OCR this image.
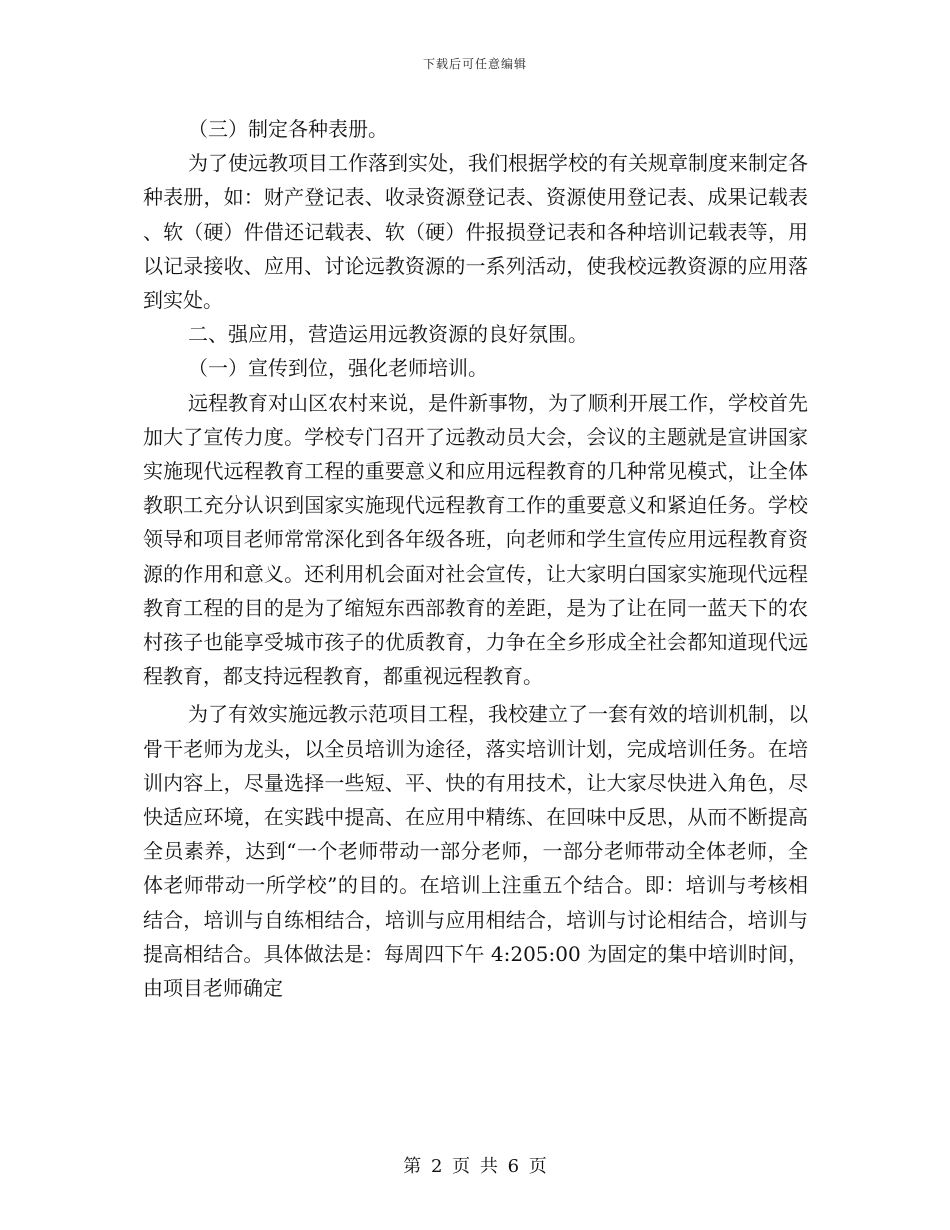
下载后可任意编辑

（三）制定各种表册。

为了使远教项目工作落到实处，我们根据学校的有关规章制度来制定各种表册，如：财产登记表、收录资源登记表、资源使用登记表、成果记载表、软（硬）件借还记载表、软（硬）件报损登记表和各种培训记载表等，用以记录接收、应用、讨论远教资源的一系列活动，使我校远教资源的应用落到实处。

二、强应用，营造运用远教资源的良好氛围。

（一）宣传到位，强化老师培训。

远程教育对山区农村来说，是件新事物，为了顺利开展工作，学校首先加大了宣传力度。学校专门召开了远教动员大会，会议的主题就是宣讲国家实施现代远程教育工程的重要意义和应用远程教育的几种常见模式，让全体教职工充分认识到国家实施现代远程教育工作的重要意义和紧迫任务。学校领导和项目老师常常深化到各年级各班，向老师和学生宣传应用远程教育资源的作用和意义。还利用机会面对社会宣传，让大家明白国家实施现代远程教育工程的目的是为了缩短东西部教育的差距，是为了让在同一蓝天下的农村孩子也能享受城市孩子的优质教育，力争在全乡形成全社会都知道现代远程教育，都支持远程教育，都重视远程教育。

为了有效实施远教示范项目工程，我校建立了一套有效的培训机制，以骨干老师为龙头，以全员培训为途径，落实培训计划，完成培训任务。在培训内容上，尽量选择一些短、平、快的有用技术，让大家尽快进入角色，尽快适应环境，在实践中提高、在应用中精练、在回味中反思，从而不断提高全员素养，达到“一个老师带动一部分老师，一部分老师带动全体老师，全体老师带动一所学校”的目的。在培训上注重五个结合。即：培训与考核相结合，培训与自练相结合，培训与应用相结合，培训与讨论相结合，培训与提高相结合。具体做法是：每周四下午 4:205:00 为固定的集中培训时间，由项目老师确定

第 2 页 共 6 页
